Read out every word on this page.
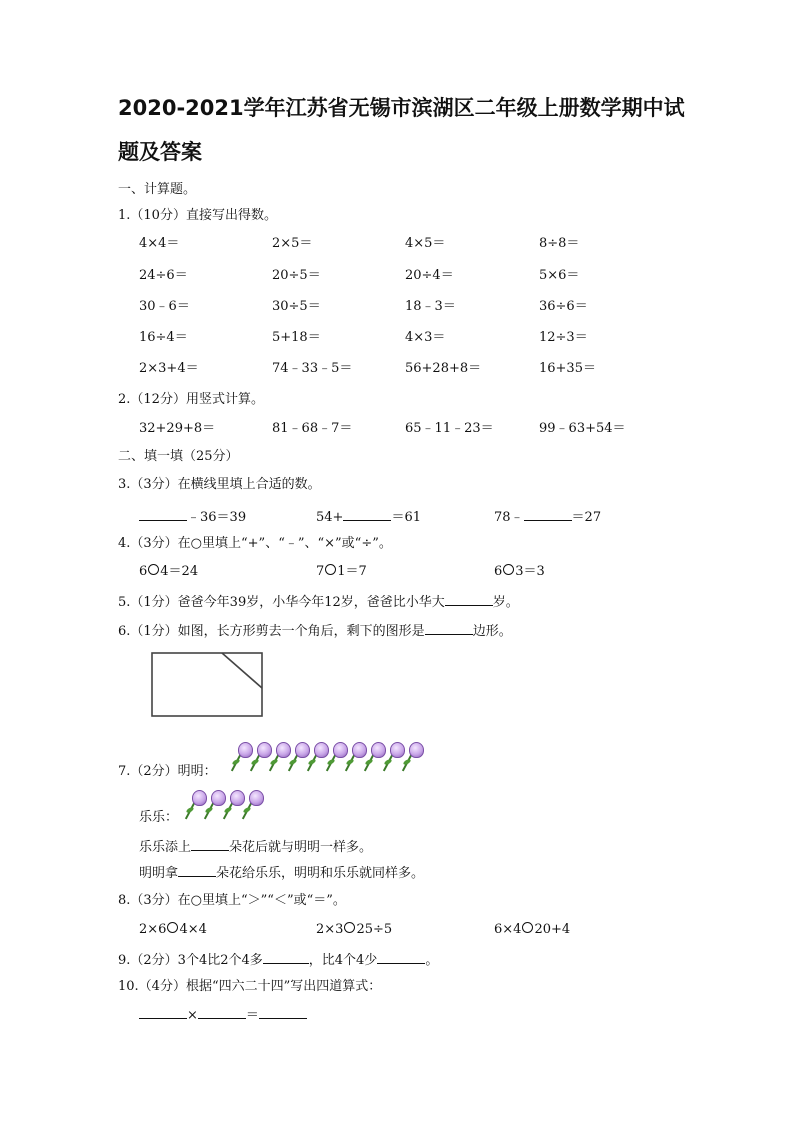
2020-2021学年江苏省无锡市滨湖区二年级上册数学期中试
题及答案
一、计算题。
1.（10分）直接写出得数。
4×4＝	2×5＝	4×5＝	8÷8＝
24÷6＝	20÷5＝	20÷4＝	5×6＝
30﹣6＝	30÷5＝	18﹣3＝	36÷6＝
16÷4＝	5+18＝	4×3＝	12÷3＝
2×3+4＝	74﹣33﹣5＝	56+28+8＝	16+35＝
2.（12分）用竖式计算。
32+29+8＝	81﹣68﹣7＝	65﹣11﹣23＝	99﹣63+54＝
二、填一填（25分）
3.（3分）在横线里填上合适的数。
﹣36＝39	54+	＝61	78﹣	＝27
4.（3分）在○里填上“+”、“﹣”、“×”或“÷”。
6 4＝24	7 1＝7	6 3＝3
5.（1分）爸爸今年39岁，小华今年12岁，爸爸比小华大	岁。
6.（1分）如图，长方形剪去一个角后，剩下的图形是	边形。
7.（2分）明明：
乐乐：
乐乐添上	朵花后就与明明一样多。
明明拿	朵花给乐乐，明明和乐乐就同样多。
8.（3分）在○里填上“＞”“＜”或“＝”。
2×6 4×4	2×3 25÷5	6×4 20+4
9.（2分）3个4比2个4多	，比4个4少	。
10.（4分）根据“四六二十四”写出四道算式：
×	＝
